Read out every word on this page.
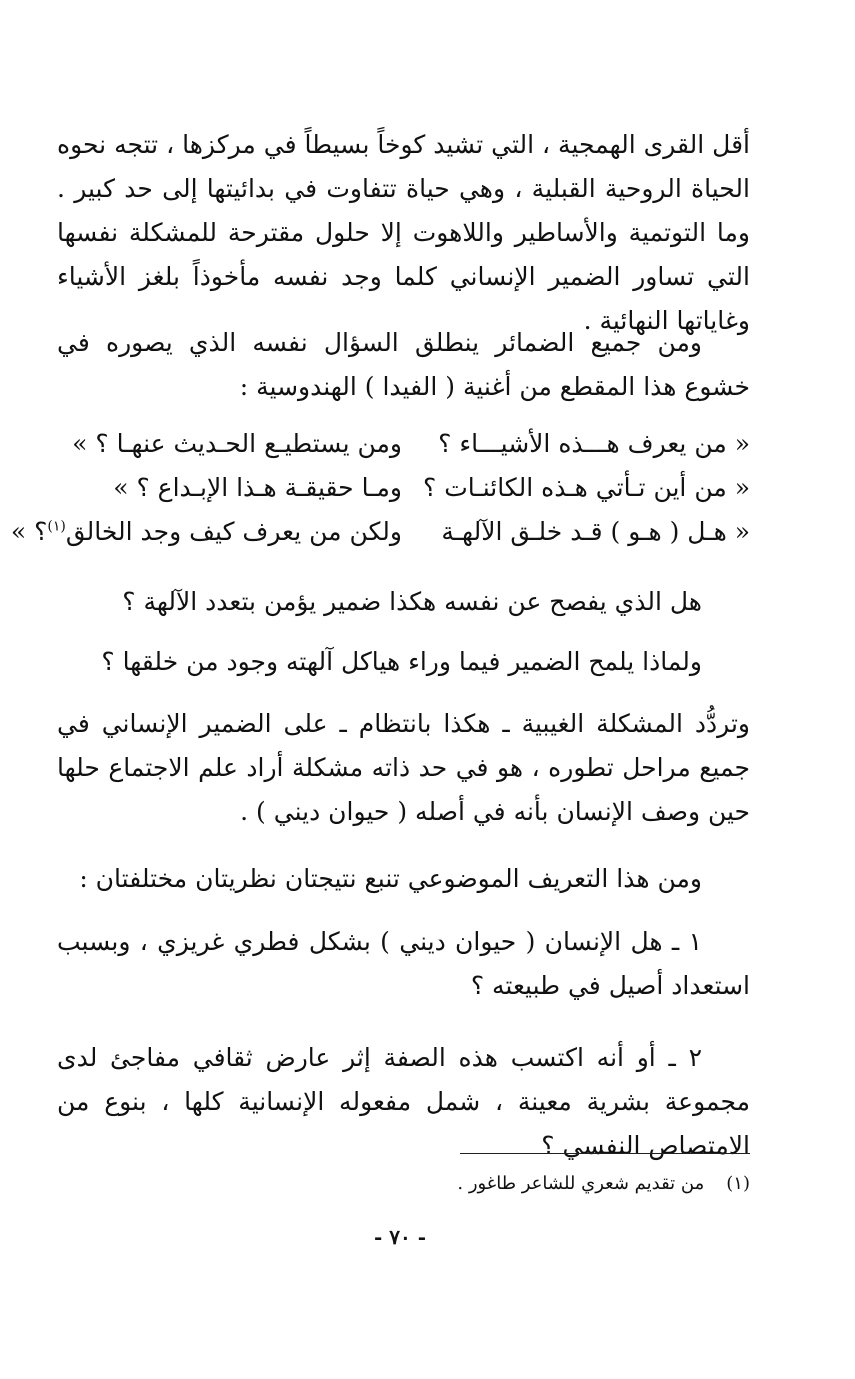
أقل القرى الهمجية ، التي تشيد كوخاً بسيطاً في مركزها ، تتجه نحوه الحياة الروحية القبلية ، وهي حياة تتفاوت في بدائيتها إلى حد كبير . وما التوتمية والأساطير واللاهوت إلا حلول مقترحة للمشكلة نفسها التي تساور الضمير الإنساني كلما وجد نفسه مأخوذاً بلغز الأشياء وغاياتها النهائية .

ومن جميع الضمائر ينطلق السؤال نفسه الذي يصوره في خشوع هذا المقطع من أغنية ( الفيدا ) الهندوسية :

« من يعرف هـــذه الأشيـــاء ؟
ومن يستطيـع الحـديث عنهـا ؟ »
« من أين تـأتي هـذه الكائنـات ؟
ومـا حقيقـة هـذا الإبـداع ؟ »
« هـل ( هـو ) قـد خلـق الآلهـة
ولكن من يعرف كيف وجد الخالق$^{(١)}$؟ »

هل الذي يفصح عن نفسه هكذا ضمير يؤمن بتعدد الآلهة ؟

ولماذا يلمح الضمير فيما وراء هياكل آلهته وجود من خلقها ؟

وتردُّد المشكلة الغيبية ـ هكذا بانتظام ـ على الضمير الإنساني في جميع مراحل تطوره ، هو في حد ذاته مشكلة أراد علم الاجتماع حلها حين وصف الإنسان بأنه في أصله ( حيوان ديني ) .

ومن هذا التعريف الموضوعي تنبع نتيجتان نظريتان مختلفتان :

١ ـ هل الإنسان ( حيوان ديني ) بشكل فطري غريزي ، وبسبب استعداد أصيل في طبيعته ؟

٢ ـ أو أنه اكتسب هذه الصفة إثر عارض ثقافي مفاجئ لدى مجموعة بشرية معينة ، شمل مفعوله الإنسانية كلها ، بنوع من الامتصاص النفسي ؟

(١)من تقديم شعري للشاعر طاغور .
- ٧٠ -
